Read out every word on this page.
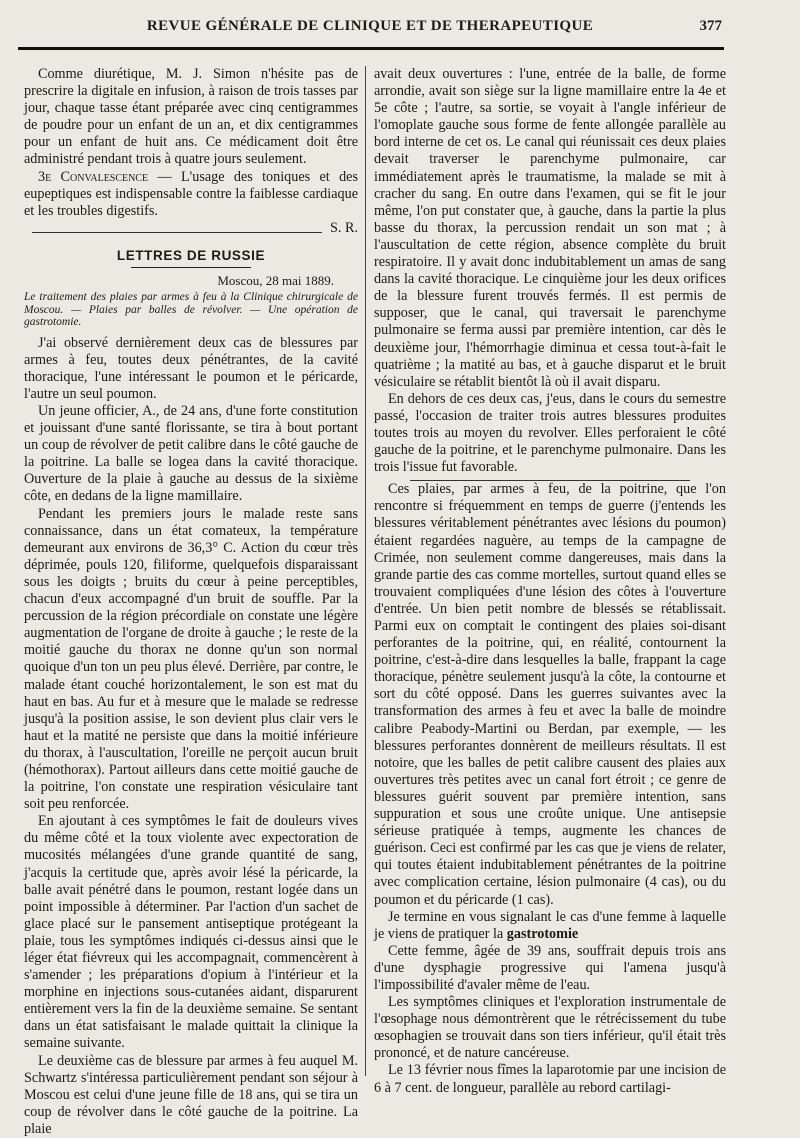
REVUE GÉNÉRALE DE CLINIQUE ET DE THERAPEUTIQUE	377

Comme diurétique, M. J. Simon n'hésite pas de prescrire la digitale en infusion, à raison de trois tasses par jour, chaque tasse étant préparée avec cinq centigrammes de poudre pour un enfant de un an, et dix centigrammes pour un enfant de huit ans. Ce médicament doit être administré pendant trois à quatre jours seulement.

3e Convalescence — L'usage des toniques et des eupeptiques est indispensable contre la faiblesse cardiaque et les troubles digestifs.

S. R.
LETTRES DE RUSSIE

Moscou, 28 mai 1889.

Le traitement des plaies par armes à feu à la Clinique chirurgicale de Moscou. — Plaies par balles de révolver. — Une opération de gastrotomie.

J'ai observé dernièrement deux cas de blessures par armes à feu, toutes deux pénétrantes, de la cavité thoracique, l'une intéressant le poumon et le péricarde, l'autre un seul poumon.

Un jeune officier, A., de 24 ans, d'une forte constitution et jouissant d'une santé florissante, se tira à bout portant un coup de révolver de petit calibre dans le côté gauche de la poitrine. La balle se logea dans la cavité thoracique. Ouverture de la plaie à gauche au dessus de la sixième côte, en dedans de la ligne mamillaire.

Pendant les premiers jours le malade reste sans connaissance, dans un état comateux, la température demeurant aux environs de 36,3° C. Action du cœur très déprimée, pouls 120, filiforme, quelquefois disparaissant sous les doigts ; bruits du cœur à peine perceptibles, chacun d'eux accompagné d'un bruit de souffle. Par la percussion de la région précordiale on constate une légère augmentation de l'organe de droite à gauche ; le reste de la moitié gauche du thorax ne donne qu'un son normal quoique d'un ton un peu plus élevé. Derrière, par contre, le malade étant couché horizontalement, le son est mat du haut en bas. Au fur et à mesure que le malade se redresse jusqu'à la position assise, le son devient plus clair vers le haut et la matité ne persiste que dans la moitié inférieure du thorax, à l'auscultation, l'oreille ne perçoit aucun bruit (hémothorax). Partout ailleurs dans cette moitié gauche de la poitrine, l'on constate une respiration vésiculaire tant soit peu renforcée.

En ajoutant à ces symptômes le fait de douleurs vives du même côté et la toux violente avec expectoration de mucosités mélangées d'une grande quantité de sang, j'acquis la certitude que, après avoir lésé la péricarde, la balle avait pénétré dans le poumon, restant logée dans un point impossible à déterminer. Par l'action d'un sachet de glace placé sur le pansement antiseptique protégeant la plaie, tous les symptômes indiqués ci-dessus ainsi que le léger état fiévreux qui les accompagnait, commencèrent à s'amender ; les préparations d'opium à l'intérieur et la morphine en injections sous-cutanées aidant, disparurent entièrement vers la fin de la deuxième semaine. Se sentant dans un état satisfaisant le malade quittait la clinique la semaine suivante.

Le deuxième cas de blessure par armes à feu auquel M. Schwartz s'intéressa particulièrement pendant son séjour à Moscou est celui d'une jeune fille de 18 ans, qui se tira un coup de révolver dans le côté gauche de la poitrine. La plaie

avait deux ouvertures : l'une, entrée de la balle, de forme arrondie, avait son siège sur la ligne mamillaire entre la 4e et 5e côte ; l'autre, sa sortie, se voyait à l'angle inférieur de l'omoplate gauche sous forme de fente allongée parallèle au bord interne de cet os. Le canal qui réunissait ces deux plaies devait traverser le parenchyme pulmonaire, car immédiatement après le traumatisme, la malade se mit à cracher du sang. En outre dans l'examen, qui se fit le jour même, l'on put constater que, à gauche, dans la partie la plus basse du thorax, la percussion rendait un son mat ; à l'auscultation de cette région, absence complète du bruit respiratoire. Il y avait donc indubitablement un amas de sang dans la cavité thoracique. Le cinquième jour les deux orifices de la blessure furent trouvés fermés. Il est permis de supposer, que le canal, qui traversait le parenchyme pulmonaire se ferma aussi par première intention, car dès le deuxième jour, l'hémorrhagie diminua et cessa tout-à-fait le quatrième ; la matité au bas, et à gauche disparut et le bruit vésiculaire se rétablit bientôt là où il avait disparu.

En dehors de ces deux cas, j'eus, dans le cours du semestre passé, l'occasion de traiter trois autres blessures produites toutes trois au moyen du revolver. Elles perforaient le côté gauche de la poitrine, et le parenchyme pulmonaire. Dans les trois l'issue fut favorable.

Ces plaies, par armes à feu, de la poitrine, que l'on rencontre si fréquemment en temps de guerre (j'entends les blessures véritablement pénétrantes avec lésions du poumon) étaient regardées naguère, au temps de la campagne de Crimée, non seulement comme dangereuses, mais dans la grande partie des cas comme mortelles, surtout quand elles se trouvaient compliquées d'une lésion des côtes à l'ouverture d'entrée. Un bien petit nombre de blessés se rétablissait. Parmi eux on comptait le contingent des plaies soi-disant perforantes de la poitrine, qui, en réalité, contournent la poitrine, c'est-à-dire dans lesquelles la balle, frappant la cage thoracique, pénètre seulement jusqu'à la côte, la contourne et sort du côté opposé. Dans les guerres suivantes avec la transformation des armes à feu et avec la balle de moindre calibre Peabody-Martini ou Berdan, par exemple, — les blessures perforantes donnèrent de meilleurs résultats. Il est notoire, que les balles de petit calibre causent des plaies aux ouvertures très petites avec un canal fort étroit ; ce genre de blessures guérit souvent par première intention, sans suppuration et sous une croûte unique. Une antisepsie sérieuse pratiquée à temps, augmente les chances de guérison. Ceci est confirmé par les cas que je viens de relater, qui toutes étaient indubitablement pénétrantes de la poitrine avec complication certaine, lésion pulmonaire (4 cas), ou du poumon et du péricarde (1 cas).

Je termine en vous signalant le cas d'une femme à laquelle je viens de pratiquer la gastrotomie

Cette femme, âgée de 39 ans, souffrait depuis trois ans d'une dysphagie progressive qui l'amena jusqu'à l'impossibilité d'avaler même de l'eau.

Les symptômes cliniques et l'exploration instrumentale de l'œsophage nous démontrèrent que le rétrécissement du tube œsophagien se trouvait dans son tiers inférieur, qu'il était très prononcé, et de nature cancéreuse.

Le 13 février nous fîmes la laparotomie par une incision de 6 à 7 cent. de longueur, parallèle au rebord cartilagi-
